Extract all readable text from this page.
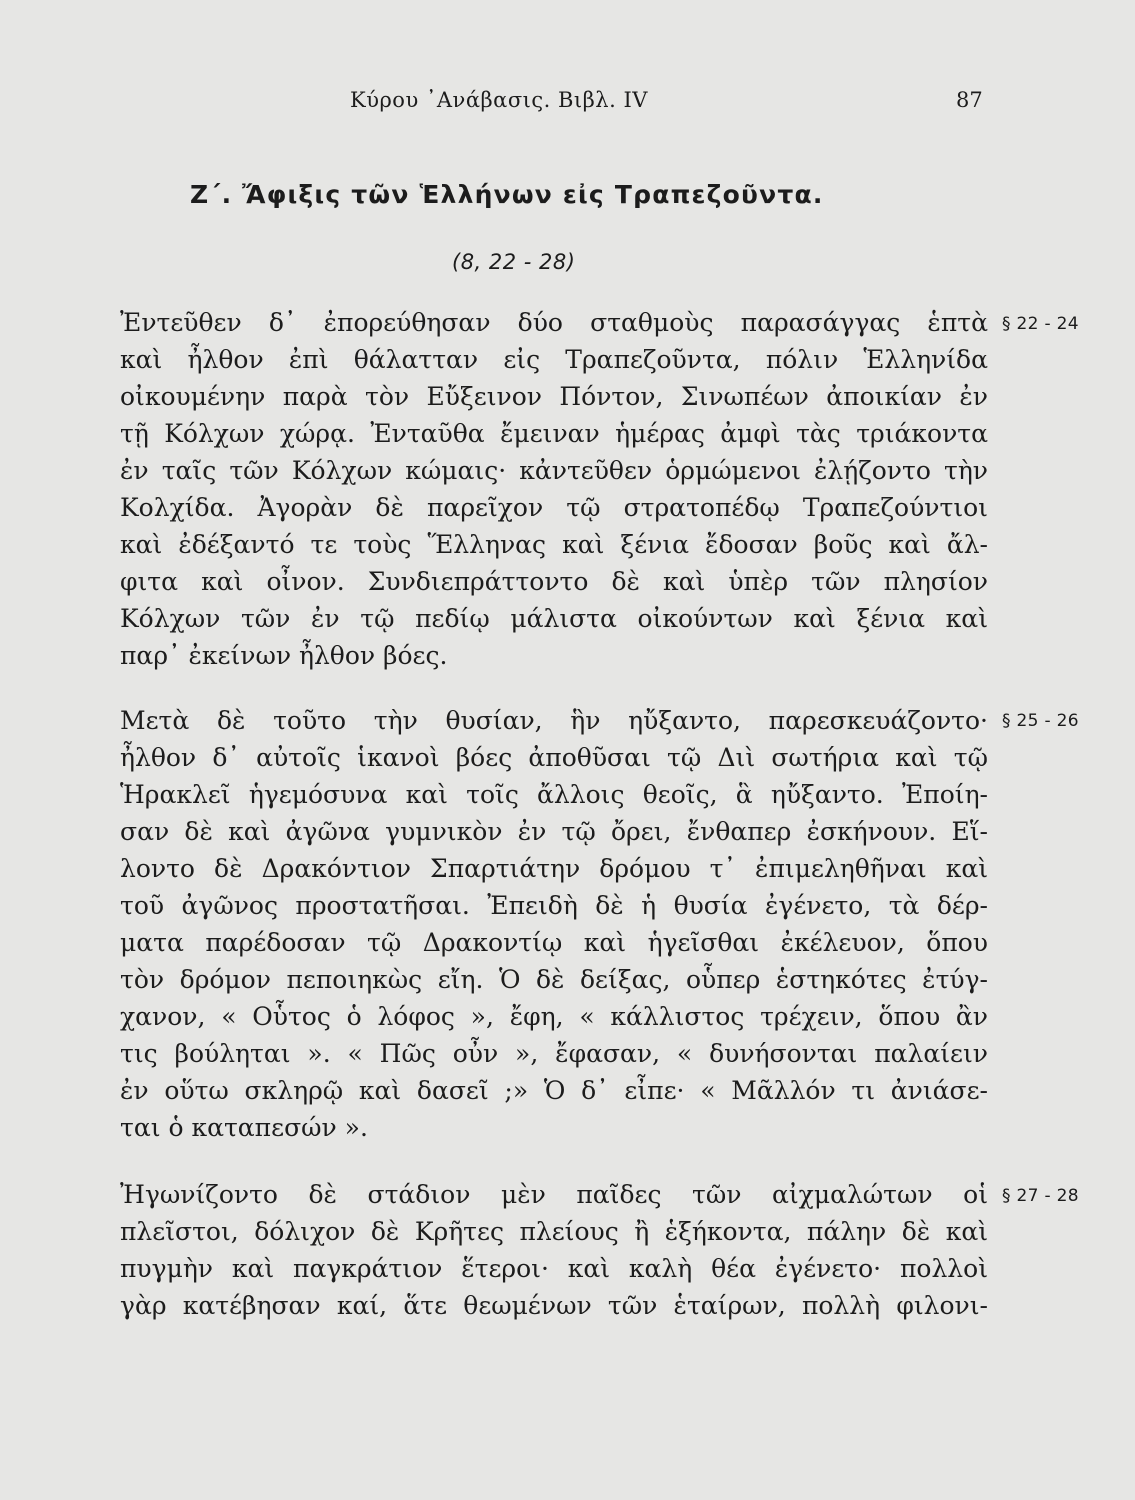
Κύρου ᾽Ανάβασις. Βιβλ. IV	87
Ζ΄. Ἄφιξις τῶν Ἑλλήνων εἰς Τραπεζοῦντα.
(8, 22 - 28)
Ἐντεῦθεν δ᾽ ἐπορεύθησαν δύο σταθμοὺς παρασάγγας ἑπτὰ
καὶ ἦλθον ἐπὶ θάλατταν εἰς Τραπεζοῦντα, πόλιν Ἑλληνίδα
οἰκουμένην παρὰ τὸν Εὔξεινον Πόντον, Σινωπέων ἀποικίαν ἐν
τῇ Κόλχων χώρᾳ. Ἐνταῦθα ἔμειναν ἡμέρας ἀμφὶ τὰς τριάκοντα
ἐν ταῖς τῶν Κόλχων κώμαις· κἀντεῦθεν ὁρμώμενοι ἐλῄζοντο τὴν
Κολχίδα. Ἀγορὰν δὲ παρεῖχον τῷ στρατοπέδῳ Τραπεζούντιοι
καὶ ἐδέξαντό τε τοὺς Ἕλληνας καὶ ξένια ἔδοσαν βοῦς καὶ ἄλ-
φιτα καὶ οἶνον. Συνδιεπράττοντο δὲ καὶ ὑπὲρ τῶν πλησίον
Κόλχων τῶν ἐν τῷ πεδίῳ μάλιστα οἰκούντων καὶ ξένια καὶ
παρ᾽ ἐκείνων ἦλθον βόες.
§ 22 - 24
Μετὰ δὲ τοῦτο τὴν θυσίαν, ἣν ηὔξαντο, παρεσκευάζοντο·
ἦλθον δ᾽ αὐτοῖς ἱκανοὶ βόες ἀποθῦσαι τῷ Διὶ σωτήρια καὶ τῷ
Ἡρακλεῖ ἡγεμόσυνα καὶ τοῖς ἄλλοις θεοῖς, ἃ ηὔξαντο. Ἐποίη-
σαν δὲ καὶ ἀγῶνα γυμνικὸν ἐν τῷ ὄρει, ἔνθαπερ ἐσκήνουν. Εἵ-
λοντο δὲ Δρακόντιον Σπαρτιάτην δρόμου τ᾽ ἐπιμεληθῆναι καὶ
τοῦ ἀγῶνος προστατῆσαι. Ἐπειδὴ δὲ ἡ θυσία ἐγένετο, τὰ δέρ-
ματα παρέδοσαν τῷ Δρακοντίῳ καὶ ἡγεῖσθαι ἐκέλευον, ὅπου
τὸν δρόμον πεποιηκὼς εἴη. Ὁ δὲ δείξας, οὗπερ ἑστηκότες ἐτύγ-
χανον, « Οὗτος ὁ λόφος », ἔφη, « κάλλιστος τρέχειν, ὅπου ἂν
τις βούληται ». « Πῶς οὖν », ἔφασαν, « δυνήσονται παλαίειν
ἐν οὕτω σκληρῷ καὶ δασεῖ ;» Ὁ δ᾽ εἶπε· « Μᾶλλόν τι ἀνιάσε-
ται ὁ καταπεσών ».
§ 25 - 26
Ἠγωνίζοντο δὲ στάδιον μὲν παῖδες τῶν αἰχμαλώτων οἱ
πλεῖστοι, δόλιχον δὲ Κρῆτες πλείους ἢ ἑξήκοντα, πάλην δὲ καὶ
πυγμὴν καὶ παγκράτιον ἕτεροι· καὶ καλὴ θέα ἐγένετο· πολλοὶ
γὰρ κατέβησαν καί, ἅτε θεωμένων τῶν ἑταίρων, πολλὴ φιλονι-
§ 27 - 28
